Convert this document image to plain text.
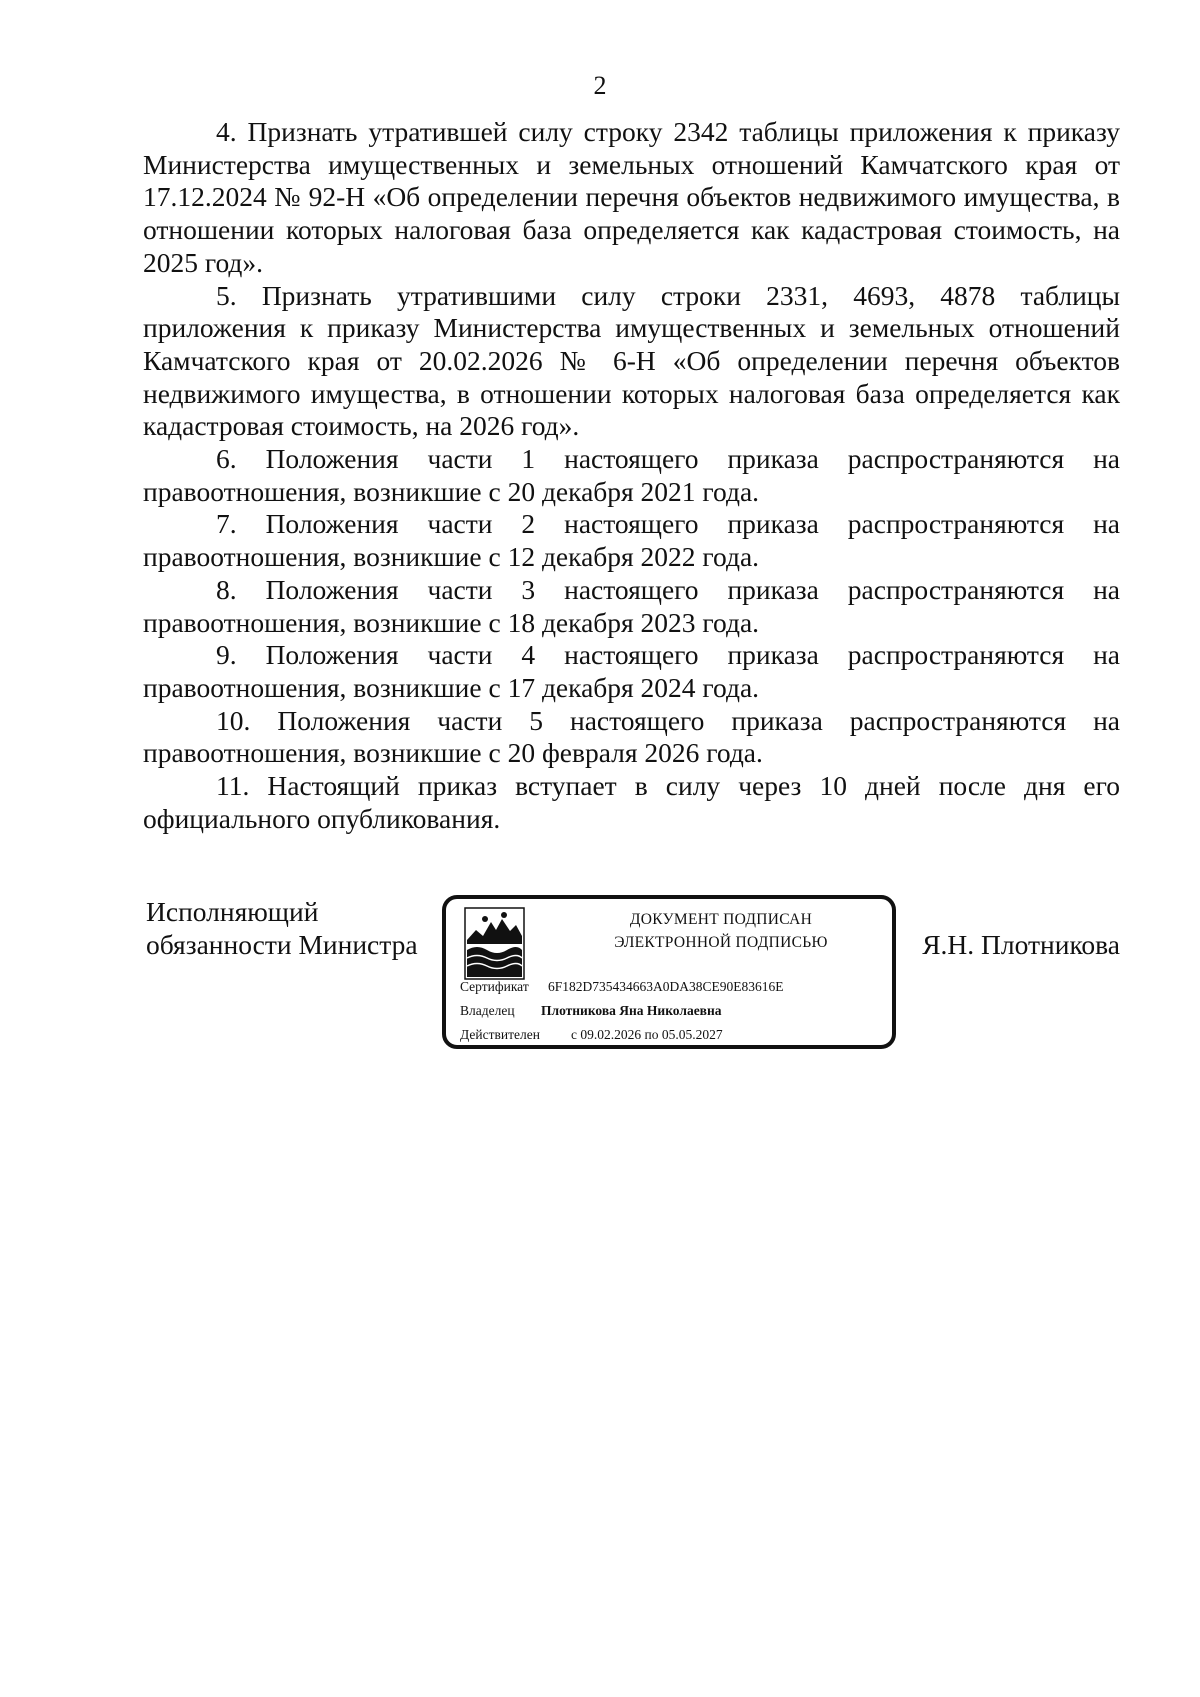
2

4. Признать утратившей силу строку 2342 таблицы приложения к приказу Министерства имущественных и земельных отношений Камчатского края от 17.12.2024 № 92-Н «Об определении перечня объектов недвижимого имущества, в отношении которых налоговая база определяется как кадастровая стоимость, на 2025 год».

5. Признать утратившими силу строки 2331, 4693, 4878 таблицы приложения к приказу Министерства имущественных и земельных отношений Камчатского края от 20.02.2026 № 6-Н «Об определении перечня объектов недвижимого имущества, в отношении которых налоговая база определяется как кадастровая стоимость, на 2026 год».

6. Положения части 1 настоящего приказа распространяются на правоотношения, возникшие с 20 декабря 2021 года.

7. Положения части 2 настоящего приказа распространяются на правоотношения, возникшие с 12 декабря 2022 года.

8. Положения части 3 настоящего приказа распространяются на правоотношения, возникшие с 18 декабря 2023 года.

9. Положения части 4 настоящего приказа распространяются на правоотношения, возникшие с 17 декабря 2024 года.

10. Положения части 5 настоящего приказа распространяются на правоотношения, возникшие с 20 февраля 2026 года.

11. Настоящий приказ вступает в силу через 10 дней после дня его официального опубликования.

Исполняющий
обязанности Министра
ДОКУМЕНТ ПОДПИСАН
ЭЛЕКТРОННОЙ ПОДПИСЬЮ
Сертификат 6F182D735434663A0DA38CE90E83616E
Владелец Плотникова Яна Николаевна
Действителен с 09.02.2026 по 05.05.2027
Я.Н. Плотникова
